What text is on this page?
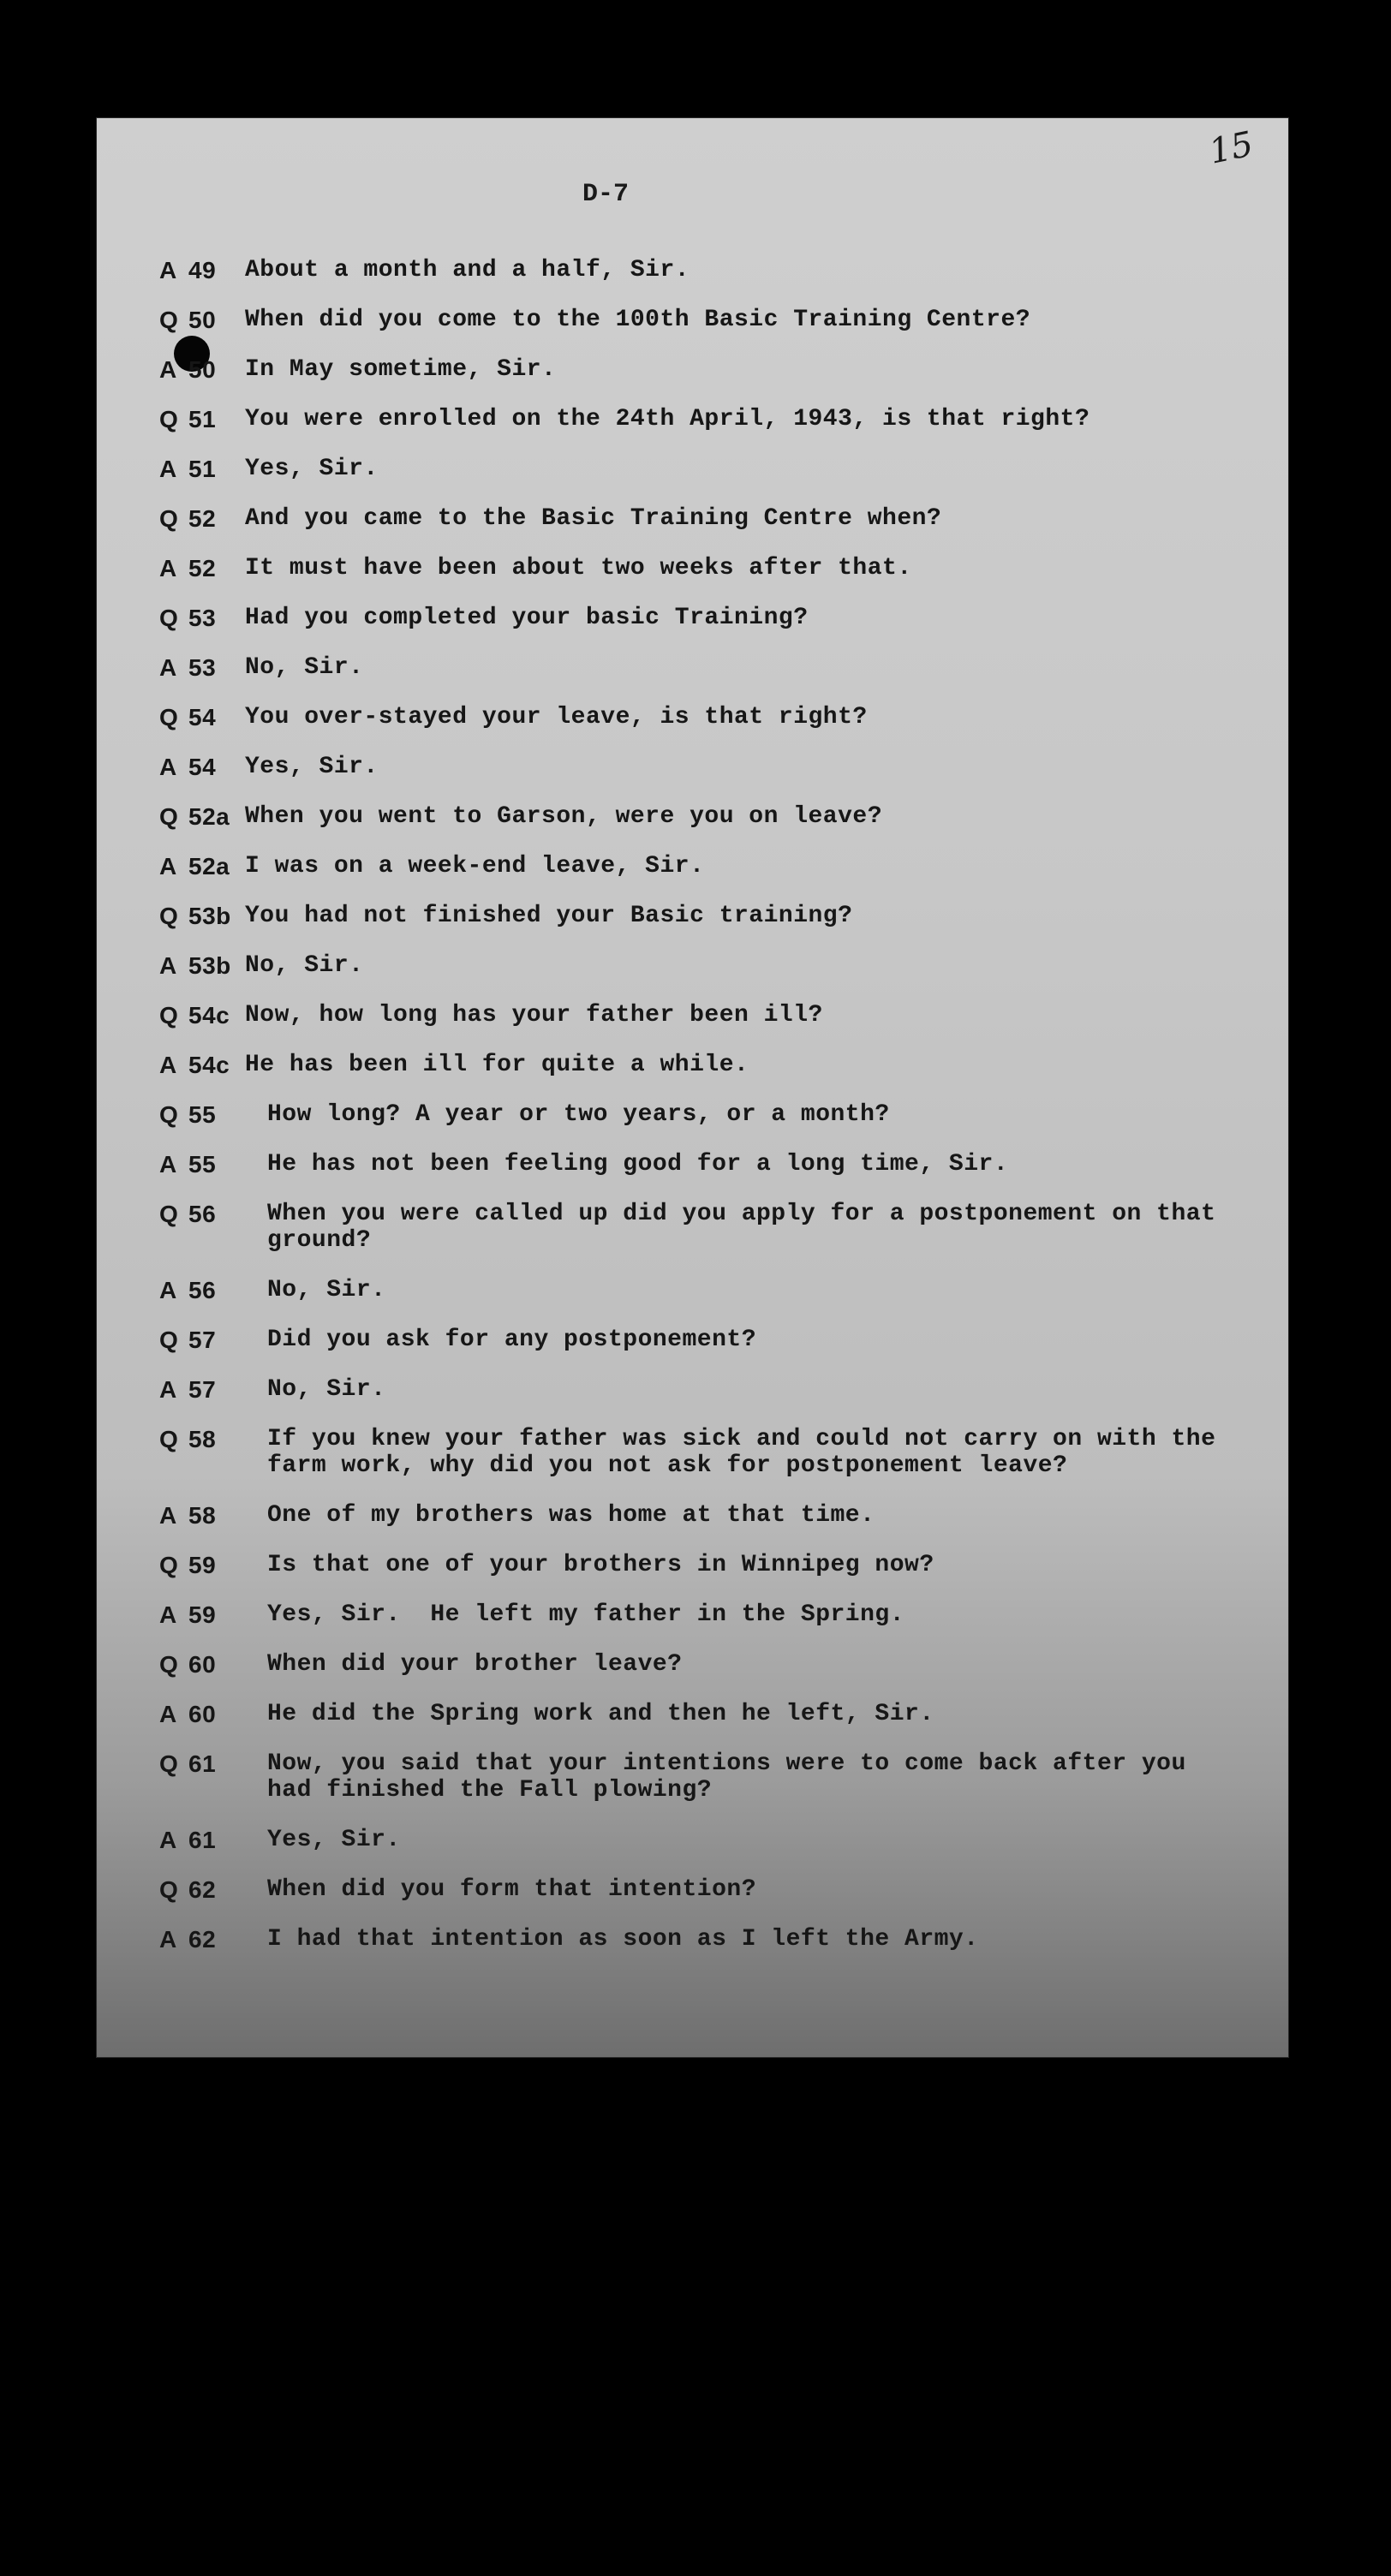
15
D-7
A 49	About a month and a half, Sir.
Q 50	When did you come to the 100th Basic Training Centre?
A 50	In May sometime, Sir.
Q 51	You were enrolled on the 24th April, 1943, is that right?
A 51	Yes, Sir.
Q 52	And you came to the Basic Training Centre when?
A 52	It must have been about two weeks after that.
Q 53	Had you completed your basic Training?
A 53	No, Sir.
Q 54	You over-stayed your leave, is that right?
A 54	Yes, Sir.
Q 52a When you went to Garson, were you on leave?
A 52a I was on a week-end leave, Sir.
Q 53b You had not finished your Basic training?
A 53b No, Sir.
Q 54c Now, how long has your father been ill?
A 54c He has been ill for quite a while.
Q 55	How long? A year or two years, or a month?
A 55	He has not been feeling good for a long time, Sir.
Q 56	When you were called up did you apply for a postponement on that ground?
A 56	No, Sir.
Q 57	Did you ask for any postponement?
A 57	No, Sir.
Q 58	If you knew your father was sick and could not carry on with the farm work, why did you not ask for postponement leave?
A 58	One of my brothers was home at that time.
Q 59	Is that one of your brothers in Winnipeg now?
A 59	Yes, Sir.  He left my father in the Spring.
Q 60	When did your brother leave?
A 60	He did the Spring work and then he left, Sir.
Q 61	Now, you said that your intentions were to come back after you had finished the Fall plowing?
A 61	Yes, Sir.
Q 62	When did you form that intention?
A 62	I had that intention as soon as I left the Army.
